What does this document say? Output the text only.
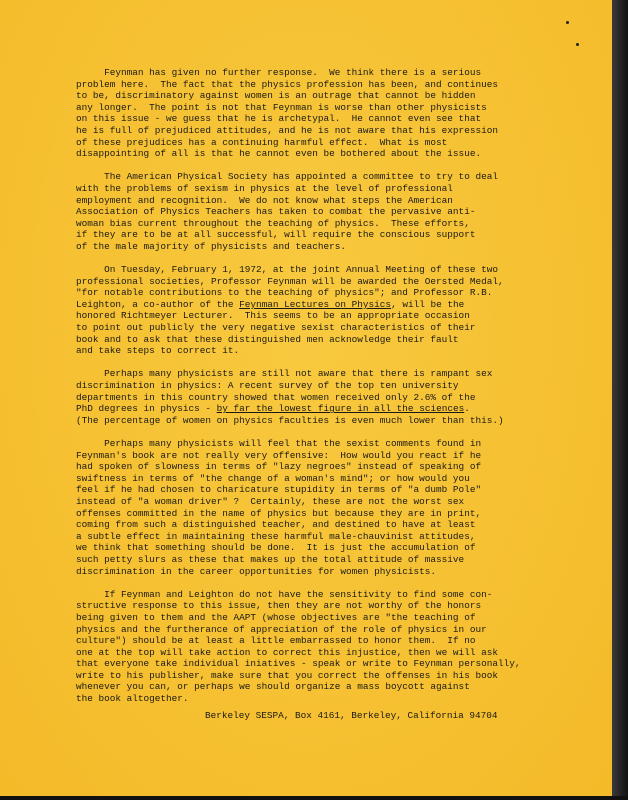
Feynman has given no further response.  We think there is a serious
problem here.  The fact that the physics profession has been, and continues
to be, discriminatory against women is an outrage that cannot be hidden
any longer.  The point is not that Feynman is worse than other physicists
on this issue - we guess that he is archetypal.  He cannot even see that
he is full of prejudiced attitudes, and he is not aware that his expression
of these prejudices has a continuing harmful effect.  What is most
disappointing of all is that he cannot even be bothered about the issue.
The American Physical Society has appointed a committee to try to deal
with the problems of sexism in physics at the level of professional
employment and recognition.  We do not know what steps the American
Association of Physics Teachers has taken to combat the pervasive anti-
woman bias current throughout the teaching of physics.  These efforts,
if they are to be at all successful, will require the conscious support
of the male majority of physicists and teachers.
On Tuesday, February 1, 1972, at the joint Annual Meeting of these two
professional societies, Professor Feynman will be awarded the Oersted Medal,
"for notable contributions to the teaching of physics"; and Professor R.B.
Leighton, a co-author of the Feynman Lectures on Physics, will be the
honored Richtmeyer Lecturer.  This seems to be an appropriate occasion
to point out publicly the very negative sexist characteristics of their
book and to ask that these distinguished men acknowledge their fault
and take steps to correct it.
Perhaps many physicists are still not aware that there is rampant sex
discrimination in physics: A recent survey of the top ten university
departments in this country showed that women received only 2.6% of the
PhD degrees in physics - by far the lowest figure in all the sciences.
(The percentage of women on physics faculties is even much lower than this.)
Perhaps many physicists will feel that the sexist comments found in
Feynman's book are not really very offensive:  How would you react if he
had spoken of slowness in terms of "lazy negroes" instead of speaking of
swiftness in terms of "the change of a woman's mind"; or how would you
feel if he had chosen to charicature stupidity in terms of "a dumb Pole"
instead of "a woman driver" ?  Certainly, these are not the worst sex
offenses committed in the name of physics but because they are in print,
coming from such a distinguished teacher, and destined to have at least
a subtle effect in maintaining these harmful male-chauvinist attitudes,
we think that something should be done.  It is just the accumulation of
such petty slurs as these that makes up the total attitude of massive
discrimination in the career opportunities for women physicists.
If Feynman and Leighton do not have the sensitivity to find some con-
structive response to this issue, then they are not worthy of the honors
being given to them and the AAPT (whose objectives are "the teaching of
physics and the furtherance of appreciation of the role of physics in our
culture") should be at least a little embarrassed to honor them.  If no
one at the top will take action to correct this injustice, then we will ask
that everyone take individual iniatives - speak or write to Feynman personally,
write to his publisher, make sure that you correct the offenses in his book
whenever you can, or perhaps we should organize a mass boycott against
the book altogether.
Berkeley SESPA, Box 4161, Berkeley, California 94704
